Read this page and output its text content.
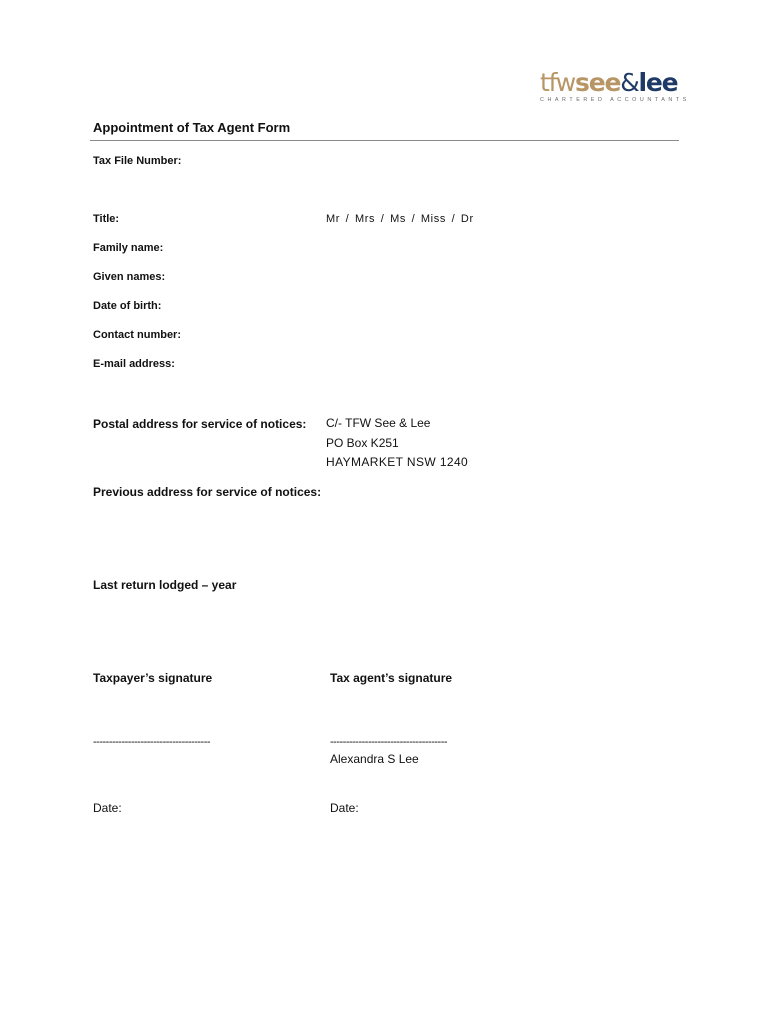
tfwsee&lee
CHARTERED ACCOUNTANTS
Appointment of Tax Agent Form
Tax File Number:
Title:	Mr / Mrs / Ms / Miss / Dr
Family name:
Given names:
Date of birth:
Contact number:
E-mail address:
Postal address for service of notices: C/- TFW See & Lee
PO Box K251
HAYMARKET NSW 1240
Previous address for service of notices:
Last return lodged – year
Taxpayer’s signature	Tax agent’s signature
-------------------------------------	-------------------------------------
Alexandra S Lee
Date:	Date:
